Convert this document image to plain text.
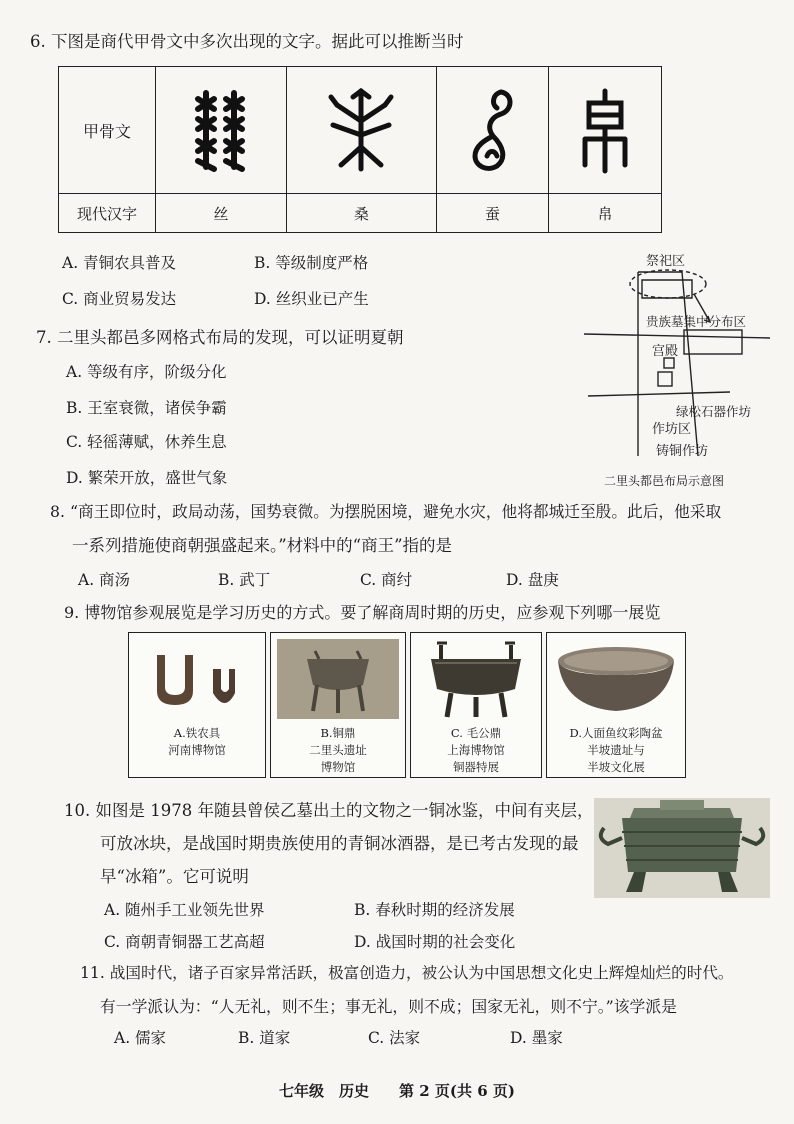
6. 下图是商代甲骨文中多次出现的文字。据此可以推断当时
甲骨文	

现代汉字	丝	桑	蚕	帛
A. 青铜农具普及	B. 等级制度严格
C. 商业贸易发达	D. 丝织业已产生
祭祀区
贵族墓集中分布区
宫殿
绿松石器作坊
作坊区
铸铜作坊
二里头都邑布局示意图
7. 二里头都邑多网格式布局的发现，可以证明夏朝
A. 等级有序，阶级分化
B. 王室衰微，诸侯争霸
C. 轻徭薄赋，休养生息
D. 繁荣开放，盛世气象
8. “商王即位时，政局动荡，国势衰微。为摆脱困境，避免水灾，他将都城迁至殷。此后，他采取
一系列措施使商朝强盛起来。”材料中的“商王”指的是
A. 商汤	B. 武丁	C. 商纣	D. 盘庚
9. 博物馆参观展览是学习历史的方式。要了解商周时期的历史，应参观下列哪一展览
A.铁农具
河南博物馆
B.铜鼎
二里头遗址
博物馆
C. 毛公鼎
上海博物馆
铜器特展
D.人面鱼纹彩陶盆
半坡遗址与
半坡文化展
10. 如图是 1978 年随县曾侯乙墓出土的文物之一铜冰鉴，中间有夹层，
可放冰块，是战国时期贵族使用的青铜冰酒器，是已考古发现的最
早“冰箱”。它可说明
A. 随州手工业领先世界	B. 春秋时期的经济发展
C. 商朝青铜器工艺高超	D. 战国时期的社会变化
11. 战国时代，诸子百家异常活跃，极富创造力，被公认为中国思想文化史上辉煌灿烂的时代。
有一学派认为：“人无礼，则不生；事无礼，则不成；国家无礼，则不宁。”该学派是
A. 儒家	B. 道家	C. 法家	D. 墨家
七年级　历史　　第 2 页(共 6 页)
